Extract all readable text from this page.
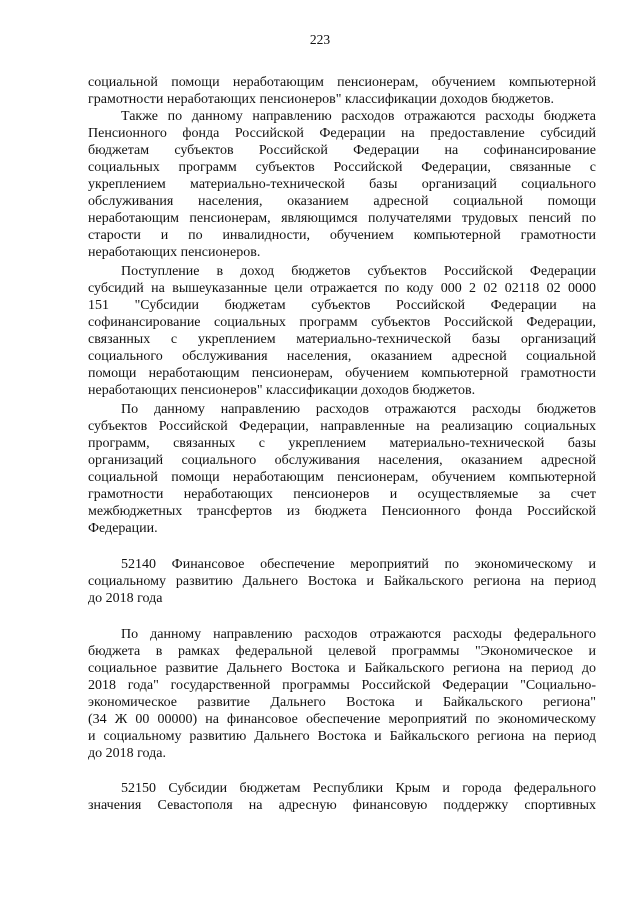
223
социальной помощи неработающим пенсионерам, обучением компьютерной
грамотности неработающих пенсионеров" классификации доходов бюджетов.
Также по данному направлению расходов отражаются расходы бюджета
Пенсионного фонда Российской Федерации на предоставление субсидий
бюджетам субъектов Российской Федерации на софинансирование
социальных программ субъектов Российской Федерации, связанные с
укреплением материально-технической базы организаций социального
обслуживания населения, оказанием адресной социальной помощи
неработающим пенсионерам, являющимся получателями трудовых пенсий по
старости и по инвалидности, обучением компьютерной грамотности
неработающих пенсионеров.
Поступление в доход бюджетов субъектов Российской Федерации
субсидий на вышеуказанные цели отражается по коду 000 2 02 02118 02 0000
151 "Субсидии бюджетам субъектов Российской Федерации на
софинансирование социальных программ субъектов Российской Федерации,
связанных с укреплением материально-технической базы организаций
социального обслуживания населения, оказанием адресной социальной
помощи неработающим пенсионерам, обучением компьютерной грамотности
неработающих пенсионеров" классификации доходов бюджетов.
По данному направлению расходов отражаются расходы бюджетов
субъектов Российской Федерации, направленные на реализацию социальных
программ, связанных с укреплением материально-технической базы
организаций социального обслуживания населения, оказанием адресной
социальной помощи неработающим пенсионерам, обучением компьютерной
грамотности неработающих пенсионеров и осуществляемые за счет
межбюджетных трансфертов из бюджета Пенсионного фонда Российской
Федерации.
52140 Финансовое обеспечение мероприятий по экономическому и
социальному развитию Дальнего Востока и Байкальского региона на период
до 2018 года
По данному направлению расходов отражаются расходы федерального
бюджета в рамках федеральной целевой программы "Экономическое и
социальное развитие Дальнего Востока и Байкальского региона на период до
2018 года" государственной программы Российской Федерации "Социально-
экономическое развитие Дальнего Востока и Байкальского региона"
(34 Ж 00 00000) на финансовое обеспечение мероприятий по экономическому
и социальному развитию Дальнего Востока и Байкальского региона на период
до 2018 года.
52150 Субсидии бюджетам Республики Крым и города федерального
значения Севастополя на адресную финансовую поддержку спортивных
